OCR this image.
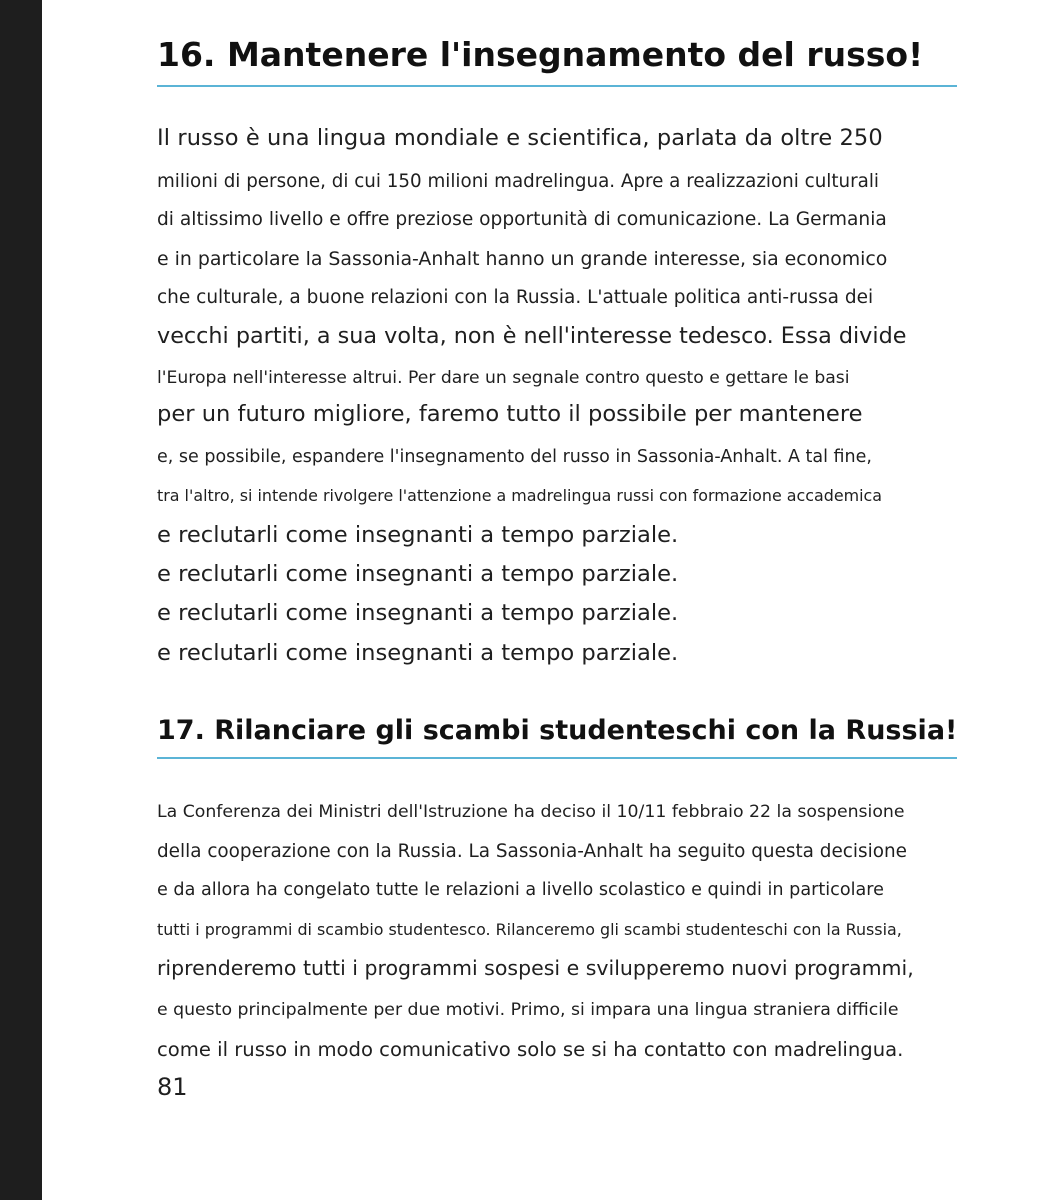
16. Mantenere l'insegnamento del russo!
Il russo è una lingua mondiale e scientifica, parlata da oltre 250
milioni di persone, di cui 150 milioni madrelingua. Apre a realizzazioni culturali
di altissimo livello e offre preziose opportunità di comunicazione. La Germania
e in particolare la Sassonia-Anhalt hanno un grande interesse, sia economico
che culturale, a buone relazioni con la Russia. L'attuale politica anti-russa dei
vecchi partiti, a sua volta, non è nell'interesse tedesco. Essa divide
l'Europa nell'interesse altrui. Per dare un segnale contro questo e gettare le basi
per un futuro migliore, faremo tutto il possibile per mantenere
e, se possibile, espandere l'insegnamento del russo in Sassonia-Anhalt. A tal fine,
tra l'altro, si intende rivolgere l'attenzione a madrelingua russi con formazione accademica
e reclutarli come insegnanti a tempo parziale.
e reclutarli come insegnanti a tempo parziale.
e reclutarli come insegnanti a tempo parziale.
e reclutarli come insegnanti a tempo parziale.
17. Rilanciare gli scambi studenteschi con la Russia!
La Conferenza dei Ministri dell'Istruzione ha deciso il 10/11 febbraio 22 la sospensione
della cooperazione con la Russia. La Sassonia-Anhalt ha seguito questa decisione
e da allora ha congelato tutte le relazioni a livello scolastico e quindi in particolare
tutti i programmi di scambio studentesco. Rilanceremo gli scambi studenteschi con la Russia,
riprenderemo tutti i programmi sospesi e svilupperemo nuovi programmi,
e questo principalmente per due motivi. Primo, si impara una lingua straniera difficile
come il russo in modo comunicativo solo se si ha contatto con madrelingua.
81
